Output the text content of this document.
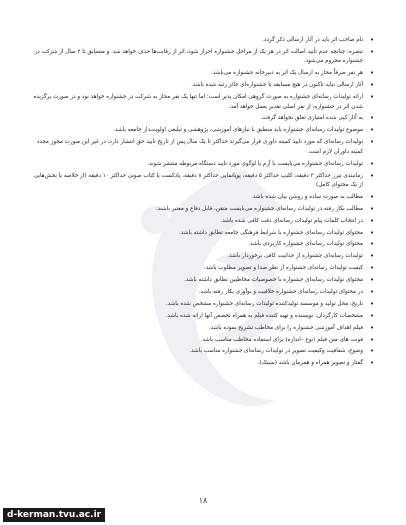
•
نام صاحب اثر باید در آثار ارسالی ذکر گردد.
•
تبصره: چنانچه عدم تأیید اصالت اثر در هر یک از مراحل جشنواره احراز شود، اثر از رقابت‌ها حذف خواهد شد. و متسابق تا ۲ سال از شرکت در جشنواره محروم می‌شود.
•
هر نفر صرفاً مجاز به ارسال یک اثر به دبیرخانه جشنواره می‌باشد.
•
آثار ارسالی نباید تاکنون در هیچ مسابقه یا جشنواره‌ای حائز رتبه شده باشد.
•
ارائه تولیدات رسانه‌ای جشنواره به صورت گروهی امکان پذیر است؛ اما تنها یک نفر مجاز به شرکت در جشنواره خواهد بود و در صورت برگزیده شدن اثر در جشنواره، از نفر اصلی تقدیر بعمل خواهد آمد.
•
به آثار کپی شده امتیازی تعلق نخواهد گرفت.
•
موضوع تولیدات رسانه‌ای جشنواره باید منطبق با نیازهای آموزشی، پژوهشی و تبلیغی اولویت‌دار جامعه باشد.
•
تولیدات رسانه‌ای که مورد تایید کمیته داوری قرار می‌گیرند حداکثر تا یک سال پس از تاریخ تایید حق انتشار دارد، در غیر این صورت مجوز مجدد کمیته داوران لازم است.
•
تولیدات رسانه‌ای جشنواره می‌بایست با آرم یا لوگوی مورد تایید دستگاه مربوطه منتشر شوند.
•
زمانبندی تیزر حداکثر ۳ دقیقه، کلیپ حداکثر ۵ دقیقه، پویانمایی حداکثر ۸ دقیقه، پادکست یا کتاب صوتی حداکثر ۱۰ دقیقه (از خلاصه یا بخش‌هایی از یک محتوای کامل)
•
مطالب به صورت ساده و روشن بیان شده باشد.
•
مطالب بکار رفته در تولیدات رسانه‌ای جشنواره می‌بایست متقن، قابل دفاع و معتبر باشند.
•
در انتخاب کلمات پیام تولیدات رسانه‌ای دقت کافی شده باشد.
•
محتوای تولیدات رسانه‌ای جشنواره با شرایط فرهنگی جامعه تطابق داشته باشد.
•
محتوای تولیدات رسانه‌ای جشنواره کاربردی باشد.
•
تولیدات رسانه‌ای جشنواره از جذابیت کافی برخوردار باشد.
•
کیفیت تولیدات رسانه‌ای جشنواره از نظر صدا و تصویر مطلوب باشد.
•
محتوای تولیدات رسانه‌ای جشنواره با خصوصیات مخاطبین تطابق داشته باشد.
•
در محتوای تولیدات رسانه‌ای جشنواره خلاقیت و نوآوری بکار رفته باشد.
•
تاریخ، محل تولید و موسسه تولیدکننده تولیدات رسانه‌ای جشنواره مشخص شده باشد.
•
مشخصات کارگردان، نویسنده و تهیه کننده فیلم به همراه تخصص آنها ارائه شده باشد.
•
فیلم اهداف آموزشی جشنواره را برای مخاطب تشریح نموده باشد.
•
فونت های متن فیلم (نوع –اندازه) برای استفاده مخاطب مناسب باشد.
•
وضوح، شفافیت وکیفیت تصویر در تولیدات رسانه‌ای جشنواره مناسب باشد.
•
گفتار و تصویر همراه و همزمان باشد (سینک).
۱۸
d-kerman.tvu.ac.ir
